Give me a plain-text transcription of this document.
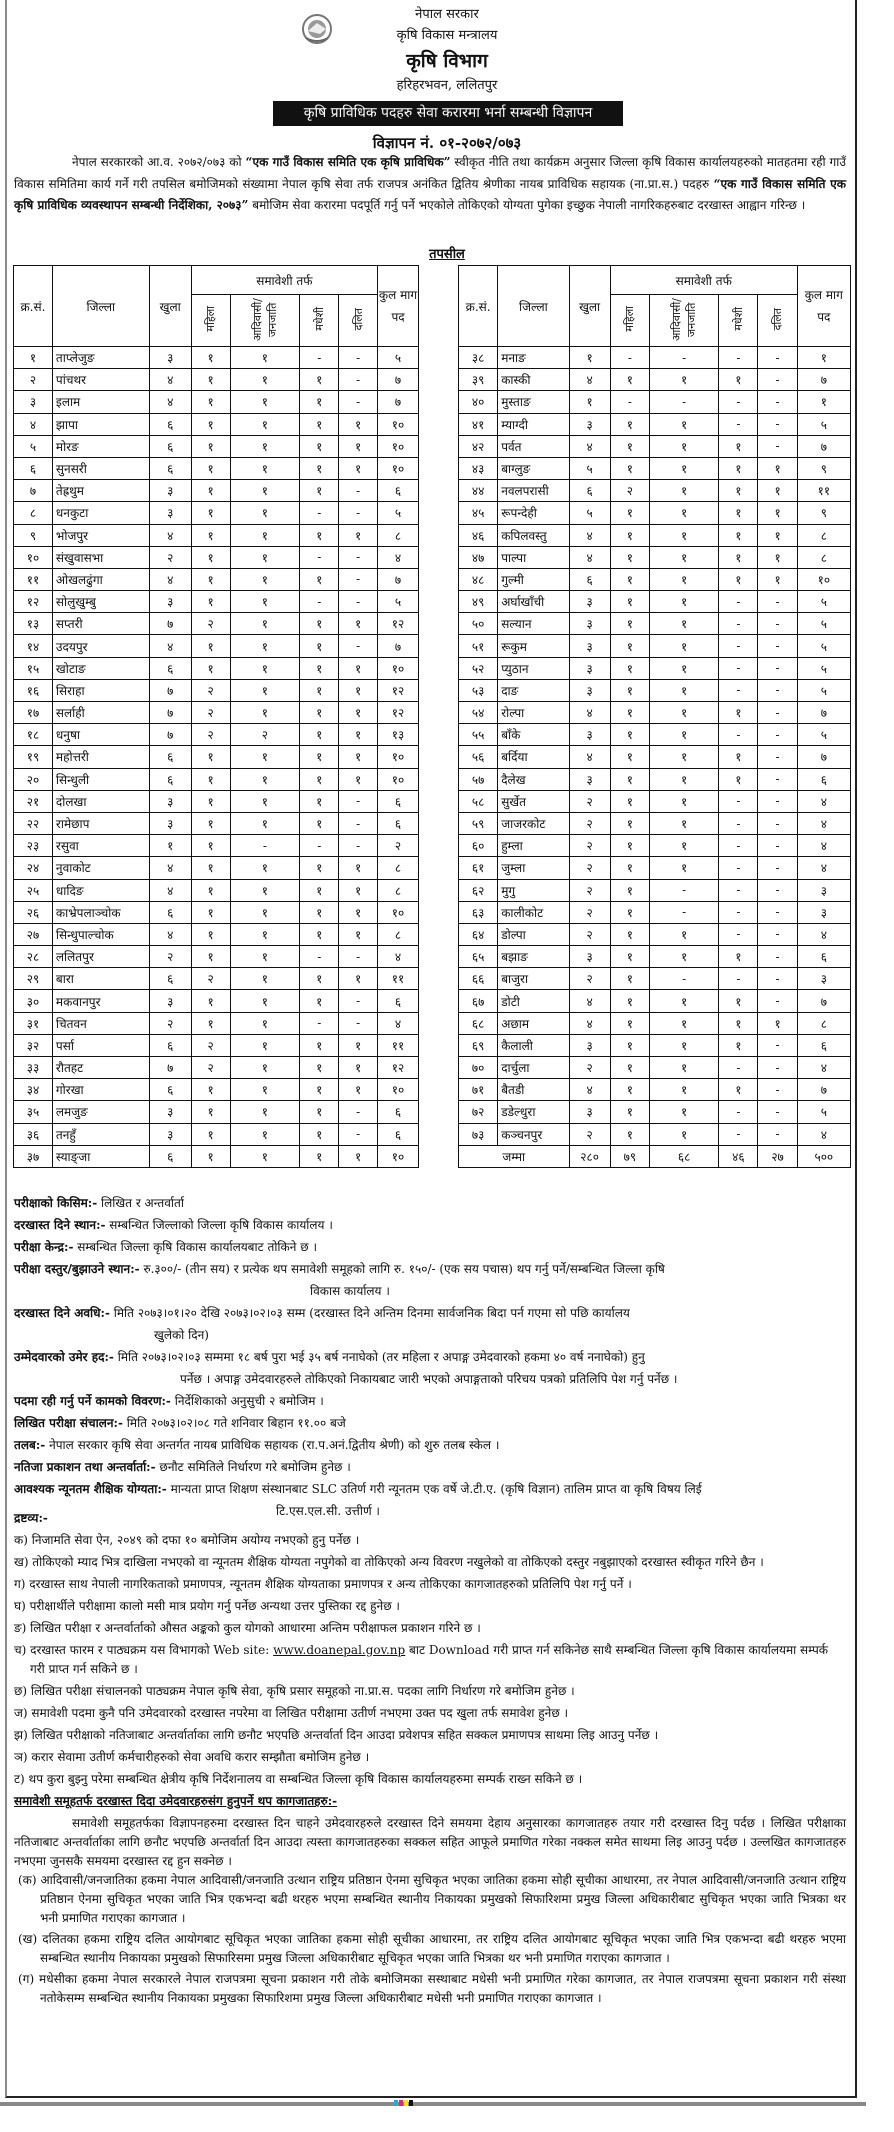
नेपाल सरकार
कृषि विकास मन्त्रालय
कृषि विभाग
हरिहरभवन, ललितपुर
कृषि प्राविधिक पदहरु सेवा करारमा भर्ना सम्बन्धी विज्ञापन
विज्ञापन नं. ०१-२०७२/०७३
नेपाल सरकारको आ.व. २०७२/०७३ को “एक गाउँ विकास समिति एक कृषि प्राविधिक” स्वीकृत नीति तथा कार्यक्रम अनुसार जिल्ला कृषि विकास कार्यालयहरुको मातहतमा रही गाउँ विकास समितिमा कार्य गर्ने गरी तपसिल बमोजिमको संख्यामा नेपाल कृषि सेवा तर्फ राजपत्र अनंकित द्वितिय श्रेणीका नायब प्राविधिक सहायक (ना.प्रा.स.) पदहरु “एक गाउँ विकास समिति एक कृषि प्राविधिक व्यवस्थापन सम्बन्धी निर्देशिका, २०७३” बमोजिम सेवा करारमा पदपूर्ति गर्नु पर्ने भएकोले तोकिएको योग्यता पुगेका इच्छुक नेपाली नागरिकहरुबाट दरखास्त आह्वान गरिन्छ ।
तपसील
क्र.सं.	जिल्ला	खुला	समावेशी तर्फ				कुल माग पद
			महिला	आदिवासी/ जनजाति	मधेशी	दलित	
१	ताप्लेजुङ	३	१	१	-	-	५
२	पांचथर	४	१	१	१	-	७
३	इलाम	४	१	१	१	-	७
४	झापा	६	१	१	१	१	१०
५	मोरङ	६	१	१	१	१	१०
६	सुनसरी	६	१	१	१	१	१०
७	तेह्रथुम	३	१	१	१	-	६
८	धनकुटा	३	१	१	-	-	५
९	भोजपुर	४	१	१	१	१	८
१०	संखुवासभा	२	१	१	-	-	४
११	ओखलढुंगा	४	१	१	१	-	७
१२	सोलुखुम्बु	३	१	१	-	-	५
१३	सप्तरी	७	२	१	१	१	१२
१४	उदयपुर	४	१	१	१	-	७
१५	खोटाङ	६	१	१	१	१	१०
१६	सिराहा	७	२	१	१	१	१२
१७	सर्लाही	७	२	१	१	१	१२
१८	धनुषा	७	२	२	१	१	१३
१९	महोत्तरी	६	१	१	१	१	१०
२०	सिन्धुली	६	१	१	१	१	१०
२१	दोलखा	३	१	१	१	-	६
२२	रामेछाप	३	१	१	१	-	६
२३	रसुवा	१	१	-	-	-	२
२४	नुवाकोट	४	१	१	१	१	८
२५	धादिङ	४	१	१	१	१	८
२६	काभ्रेपलाञ्चोक	६	१	१	१	१	१०
२७	सिन्धुपाल्चोक	४	१	१	१	१	८
२८	ललितपुर	२	१	१	-	-	४
२९	बारा	६	२	१	१	१	११
३०	मकवानपुर	३	१	१	१	-	६
३१	चितवन	२	१	१	-	-	४
३२	पर्सा	६	२	१	१	१	११
३३	रौतहट	७	२	१	१	१	१२
३४	गोरखा	६	१	१	१	१	१०
३५	लमजुङ	३	१	१	१	-	६
३६	तनहुँ	३	१	१	१	-	६
३७	स्याङ्जा	६	१	१	१	१	१०
क्र.सं.	जिल्ला	खुला	समावेशी तर्फ				कुल माग पद
			महिला	आदिवासी/ जनजाति	मधेशी	दलित	
३८	मनाङ	१	-	-	-	-	१
३९	कास्की	४	१	१	१	-	७
४०	मुस्ताङ	१	-	-	-	-	१
४१	म्याग्दी	३	१	१	-	-	५
४२	पर्वत	४	१	१	१	-	७
४३	बाग्लुङ	५	१	१	१	१	९
४४	नवलपरासी	६	२	१	१	१	११
४५	रूपन्देही	५	१	१	१	१	९
४६	कपिलवस्तु	४	१	१	१	१	८
४७	पाल्पा	४	१	१	१	१	८
४८	गुल्मी	६	१	१	१	१	१०
४९	अर्घाखाँची	३	१	१	-	-	५
५०	सल्यान	३	१	१	-	-	५
५१	रूकुम	३	१	१	-	-	५
५२	प्युठान	३	१	१	-	-	५
५३	दाङ	३	१	१	-	-	५
५४	रोल्पा	४	१	१	१	-	७
५५	बाँके	३	१	१	-	-	५
५६	बर्दिया	४	१	१	१	-	७
५७	दैलेख	३	१	१	१	-	६
५८	सुर्खेत	२	१	१	-	-	४
५९	जाजरकोट	२	१	१	-	-	४
६०	हुम्ला	२	१	१	-	-	४
६१	जुम्ला	२	१	१	-	-	४
६२	मुगु	२	१	-	-	-	३
६३	कालीकोट	२	१	-	-	-	३
६४	डोल्पा	२	१	१	-	-	४
६५	बझाङ	३	१	१	१	-	६
६६	बाजुरा	२	१	-	-	-	३
६७	डोटी	४	१	१	१	-	७
६८	अछाम	४	१	१	१	१	८
६९	कैलाली	३	१	१	१	-	६
७०	दार्चुला	२	१	१	-	-	४
७१	बैतडी	४	१	१	१	-	७
७२	डडेल्धुरा	३	१	१	-	-	५
७३	कञ्चनपुर	२	१	१	-	-	४
जम्मा		२८०	७९	६८	४६	२७	५००
परीक्षाको किसिम:- लिखित र अन्तर्वार्ता
दरखास्त दिने स्थान:- सम्बन्धित जिल्लाको जिल्ला कृषि विकास कार्यालय ।
परीक्षा केन्द्र:- सम्बन्धित जिल्ला कृषि विकास कार्यालयबाट तोकिने छ ।
परीक्षा दस्तुर/बुझाउने स्थान:- रु.३००/- (तीन सय) र प्रत्येक थप समावेशी समूहको लागि रु. १५०/- (एक सय पचास) थप गर्नु पर्ने/सम्बन्धित जिल्ला कृषि
विकास कार्यालय ।
दरखास्त दिने अवधि:- मिति २०७३।०१।२० देखि २०७३।०२।०३ सम्म (दरखास्त दिने अन्तिम दिनमा सार्वजनिक बिदा पर्न गएमा सो पछि कार्यालय
खुलेको दिन)
उम्मेदवारको उमेर हद:- मिति २०७३।०२।०३ सम्ममा १८ बर्ष पुरा भई ३५ बर्ष ननाघेको (तर महिला र अपाङ्ग उमेदवारको हकमा ४० वर्ष ननाघेको) हुनु
पर्नेछ । अपाङ्ग उमेदवारहरुले तोकिएको निकायबाट जारी भएको अपाङ्गताको परिचय पत्रको प्रतिलिपि पेश गर्नु पर्नेछ ।
पदमा रही गर्नु पर्ने कामको विवरण:- निर्देशिकाको अनुसुची २ बमोजिम ।
लिखित परीक्षा संचालन:- मिति २०७३।०२।०८ गते शनिवार बिहान ११.०० बजे
तलब:- नेपाल सरकार कृषि सेवा अन्तर्गत नायब प्राविधिक सहायक (रा.प.अनं.द्वितीय श्रेणी) को शुरु तलब स्केल ।
नतिजा प्रकाशन तथा अन्तर्वार्ता:- छनौट समितिले निर्धारण गरे बमोजिम हुनेछ ।
आवश्यक न्यूनतम शैक्षिक योग्यता:- मान्यता प्राप्त शिक्षण संस्थानबाट SLC उतिर्ण गरी न्यूनतम एक वर्षे जे.टी.ए. (कृषि विज्ञान) तालिम प्राप्त वा कृषि विषय लिई
टि.एस.एल.सी. उत्तीर्ण ।
द्रष्टव्य:-
क) निजामति सेवा ऐन, २०४९ को दफा १० बमोजिम अयोग्य नभएको हुनु पर्नेछ ।
ख) तोकिएको म्याद भित्र दाखिला नभएको वा न्यूनतम शैक्षिक योग्यता नपुगेको वा तोकिएको अन्य विवरण नखुलेको वा तोकिएको दस्तुर नबुझाएको दरखास्त स्वीकृत गरिने छैन ।
ग) दरखास्त साथ नेपाली नागरिकताको प्रमाणपत्र, न्यूनतम शैक्षिक योग्यताका प्रमाणपत्र र अन्य तोकिएका कागजातहरुको प्रतिलिपि पेश गर्नु पर्ने ।
घ) परीक्षार्थीले परीक्षामा कालो मसी मात्र प्रयोग गर्नु पर्नेछ अन्यथा उत्तर पुस्तिका रद्द हुनेछ ।
ङ) लिखित परीक्षा र अन्तर्वार्ताको औसत अङ्कको कुल योगको आधारमा अन्तिम परीक्षाफल प्रकाशन गरिने छ ।
च) दरखास्त फारम र पाठ्यक्रम यस विभागको Web site: www.doanepal.gov.np बाट Download गरी प्राप्त गर्न सकिनेछ साथै सम्बन्धित जिल्ला कृषि विकास कार्यालयमा सम्पर्क गरी प्राप्त गर्न सकिने छ ।
छ) लिखित परीक्षा संचालनको पाठ्यक्रम नेपाल कृषि सेवा, कृषि प्रसार समूहको ना.प्रा.स. पदका लागि निर्धारण गरे बमोजिम हुनेछ ।
ज) समावेशी पदमा कुनै पनि उमेदवारको दरखास्त नपरेमा वा लिखित परीक्षामा उतीर्ण नभएमा उक्त पद खुला तर्फ समावेश हुनेछ ।
झ) लिखित परीक्षाको नतिजाबाट अन्तर्वार्ताका लागि छनौट भएपछि अन्तर्वार्ता दिन आउदा प्रवेशपत्र सहित सक्कल प्रमाणपत्र साथमा लिइ आउनु पर्नेछ ।
ञ) करार सेवामा उतीर्ण कर्मचारीहरुको सेवा अवधि करार सम्झौता बमोजिम हुनेछ ।
ट) थप कुरा बुझ्नु परेमा सम्बन्धित क्षेत्रीय कृषि निर्देशनालय वा सम्बन्धित जिल्ला कृषि विकास कार्यालयहरुमा सम्पर्क राख्न सकिने छ ।
समावेशी समूहतर्फ दरखास्त दिदा उमेदवारहरुसंग हुनुपर्ने थप कागजातहरु:-
समावेशी समूहतर्फका विज्ञापनहरुमा दरखास्त दिन चाहने उमेदवारहरुले दरखास्त दिने समयमा देहाय अनुसारका कागजातहरु तयार गरी दरखास्त दिनु पर्दछ । लिखित परीक्षाका नतिजाबाट अन्तर्वार्ताका लागि छनौट भएपछि अन्तर्वार्ता दिन आउदा त्यस्ता कागजातहरुका सक्कल सहित आफूले प्रमाणित गरेका नक्कल समेत साथमा लिइ आउनु पर्दछ । उल्लखित कागजातहरु नभएमा जुनसकै समयमा दरखास्त रद्द हुन सक्नेछ ।
(क) आदिवासी/जनजातिका हकमा नेपाल आदिवासी/जनजाति उत्थान राष्ट्रिय प्रतिष्ठान ऐनमा सुचिकृत भएका जातिका हकमा सोही सूचीका आधारमा, तर नेपाल आदिवासी/जनजाति उत्थान राष्ट्रिय प्रतिष्ठान ऐनमा सुचिकृत भएका जाति भित्र एकभन्दा बढी थरहरु भएमा सम्बन्धित स्थानीय निकायका प्रमुखको सिफारिशमा प्रमुख जिल्ला अधिकारीबाट सुचिकृत भएका जाति भित्रका थर भनी प्रमाणित गराएका कागजात ।
(ख) दलितका हकमा राष्ट्रिय दलित आयोगबाट सूचिकृत भएका जातिका हकमा सोही सूचीका आधारमा, तर राष्ट्रिय दलित आयोगबाट सूचिकृत भएका जाति भित्र एकभन्दा बढी थरहरु भएमा सम्बन्धित स्थानीय निकायका प्रमुखको सिफारिसमा प्रमुख जिल्ला अधिकारीबाट सूचिकृत भएका जाति भित्रका थर भनी प्रमाणित गराएका कागजात ।
(ग) मधेसीका हकमा नेपाल सरकारले नेपाल राजपत्रमा सूचना प्रकाशन गरी तोके बमोजिमका सस्थाबाट मधेसी भनी प्रमाणित गरेका कागजात, तर नेपाल राजपत्रमा सूचना प्रकाशन गरी संस्था नतोकेसम्म सम्बन्धित स्थानीय निकायका प्रमुखका सिफारिशमा प्रमुख जिल्ला अधिकारीबाट मधेसी भनी प्रमाणित गराएका कागजात ।
